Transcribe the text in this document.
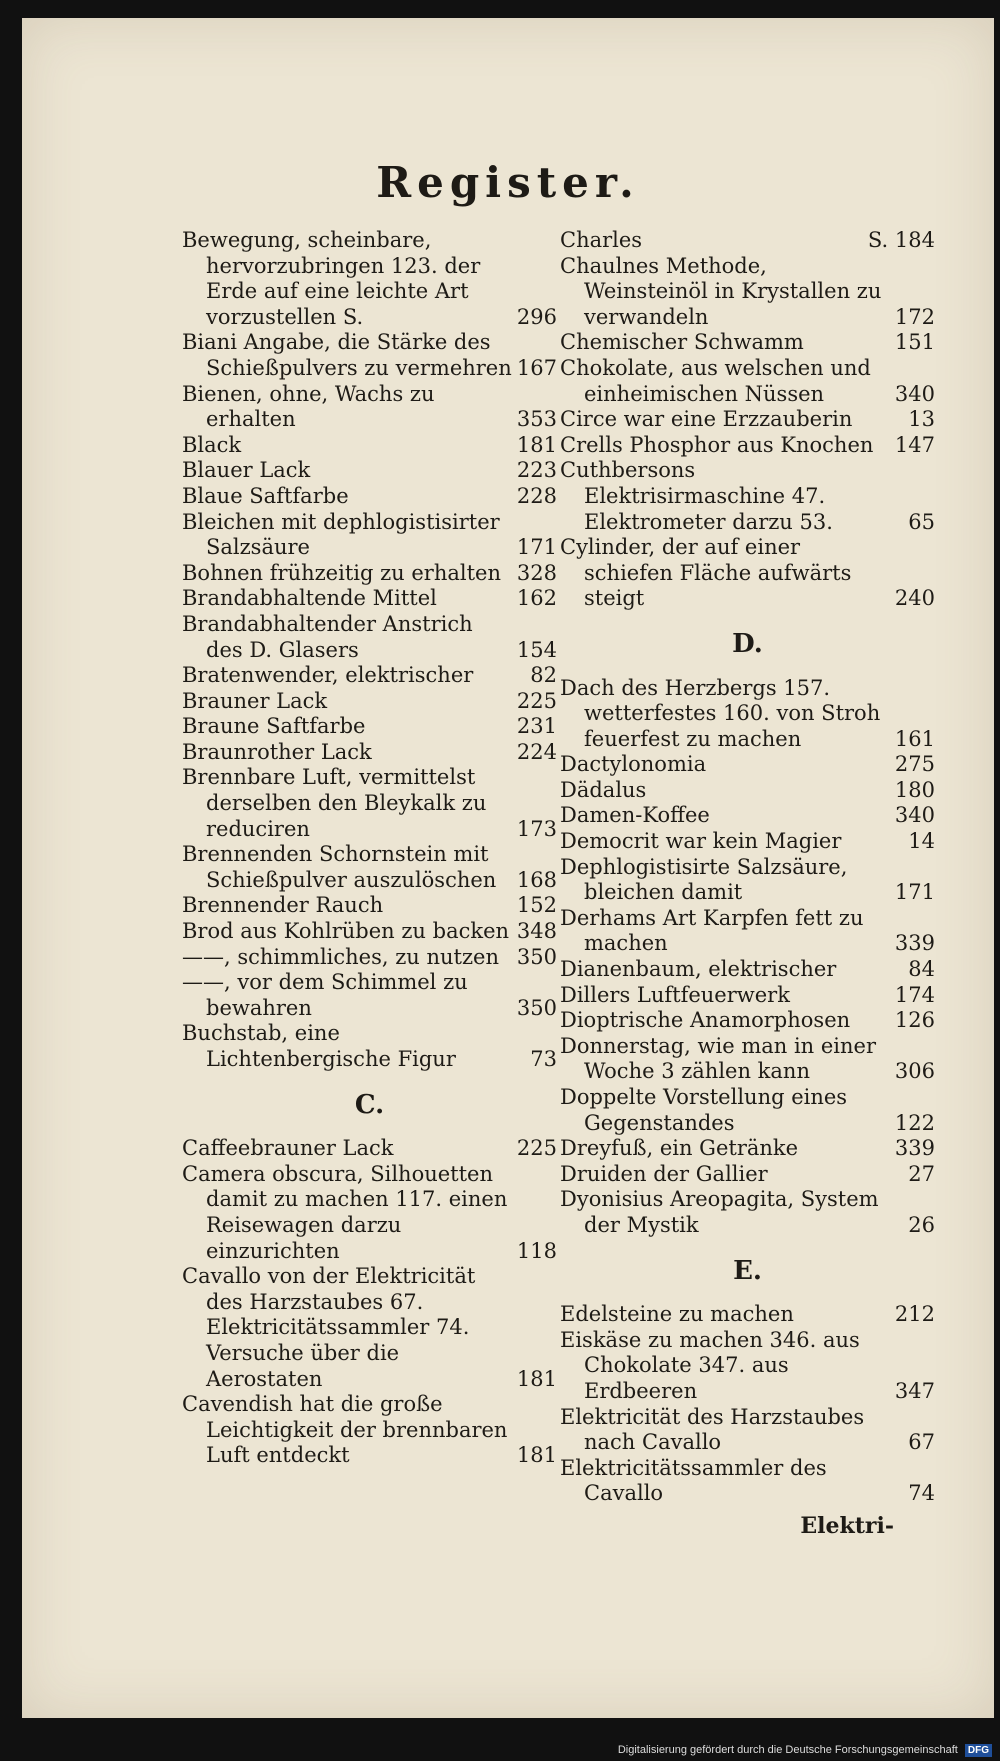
Register.
Bewegung, scheinbare, hervorzubringen 123. der Erde auf eine leichte Art vorzustellen S.	296
Biani Angabe, die Stärke des Schießpulvers zu vermehren 167
Bienen, ohne, Wachs zu erhalten	353
Black	181
Blauer Lack	223
Blaue Saftfarbe	228
Bleichen mit dephlogistisirter Salzsäure	171
Bohnen frühzeitig zu erhalten 328
Brandabhaltende Mittel	162
Brandabhaltender Anstrich des D. Glasers	154
Bratenwender, elektrischer	82
Brauner Lack	225
Braune Saftfarbe	231
Braunrother Lack	224
Brennbare Luft, vermittelst derselben den Bleykalk zu reduciren	173
Brennenden Schornstein mit Schießpulver auszulöschen 168
Brennender Rauch	152
Brod aus Kohlrüben zu backen 348
——, schimmliches, zu nutzen 350
——, vor dem Schimmel zu bewahren	350
Buchstab, eine Lichtenbergische Figur	73
C.
Caffeebrauner Lack	225
Camera obscura, Silhouetten damit zu machen 117. einen Reisewagen darzu einzurichten	118
Cavallo von der Elektricität des Harzstaubes 67. Elektricitätssammler 74. Versuche über die Aerostaten	181
Cavendish hat die große Leichtigkeit der brennbaren Luft entdeckt	181
Charles	S. 184
Chaulnes Methode, Weinsteinöl in Krystallen zu verwandeln	172
Chemischer Schwamm	151
Chokolate, aus welschen und einheimischen Nüssen	340
Circe war eine Erzzauberin	13
Crells Phosphor aus Knochen	147
Cuthbersons Elektrisirmaschine 47. Elektrometer darzu 53.	65
Cylinder, der auf einer schiefen Fläche aufwärts steigt	240
D.
Dach des Herzbergs 157. wetterfestes 160. von Stroh feuerfest zu machen	161
Dactylonomia	275
Dädalus	180
Damen-Koffee	340
Democrit war kein Magier	14
Dephlogistisirte Salzsäure, bleichen damit	171
Derhams Art Karpfen fett zu machen	339
Dianenbaum, elektrischer	84
Dillers Luftfeuerwerk	174
Dioptrische Anamorphosen	126
Donnerstag, wie man in einer Woche 3 zählen kann	306
Doppelte Vorstellung eines Gegenstandes	122
Dreyfuß, ein Getränke	339
Druiden der Gallier	27
Dyonisius Areopagita, System der Mystik	26
E.
Edelsteine zu machen	212
Eiskäse zu machen 346. aus Chokolate 347. aus Erdbeeren	347
Elektricität des Harzstaubes nach Cavallo	67
Elektricitätssammler des Cavallo	74
Elektri-
Digitalisierung gefördert durch die Deutsche Forschungsgemeinschaft DFG
